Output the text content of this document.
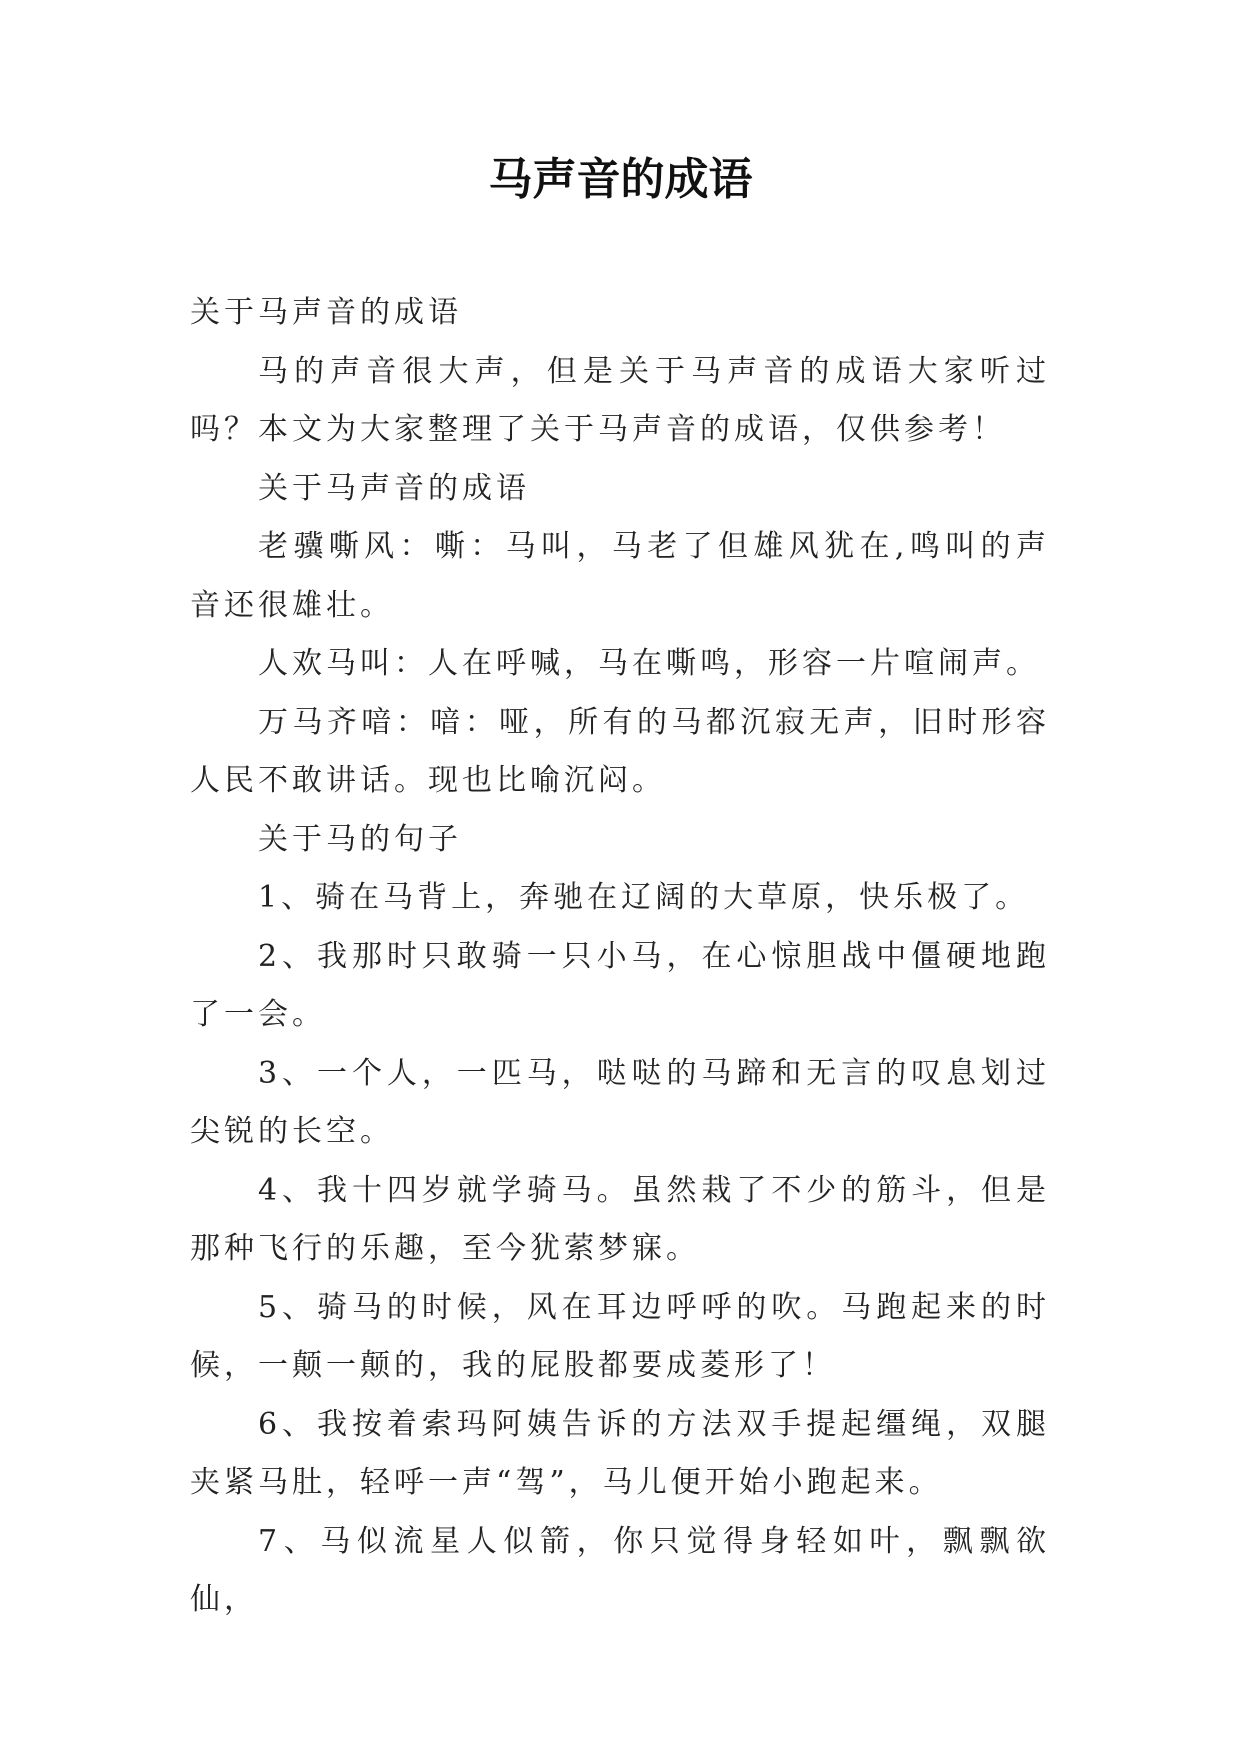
马声音的成语

关于马声音的成语

马的声音很大声，但是关于马声音的成语大家听过吗？本文为大家整理了关于马声音的成语，仅供参考！

关于马声音的成语

老骥嘶风：嘶：马叫，马老了但雄风犹在,鸣叫的声音还很雄壮。

人欢马叫：人在呼喊，马在嘶鸣，形容一片喧闹声。

万马齐喑：喑：哑，所有的马都沉寂无声，旧时形容人民不敢讲话。现也比喻沉闷。

关于马的句子

1、骑在马背上，奔驰在辽阔的大草原，快乐极了。

2、我那时只敢骑一只小马，在心惊胆战中僵硬地跑了一会。

3、一个人，一匹马，哒哒的马蹄和无言的叹息划过尖锐的长空。

4、我十四岁就学骑马。虽然栽了不少的筋斗，但是那种飞行的乐趣，至今犹萦梦寐。

5、骑马的时候，风在耳边呼呼的吹。马跑起来的时候，一颠一颠的，我的屁股都要成菱形了！

6、我按着索玛阿姨告诉的方法双手提起缰绳，双腿夹紧马肚，轻呼一声“驾”，马儿便开始小跑起来。

7、马似流星人似箭，你只觉得身轻如叶，飘飘欲仙，
